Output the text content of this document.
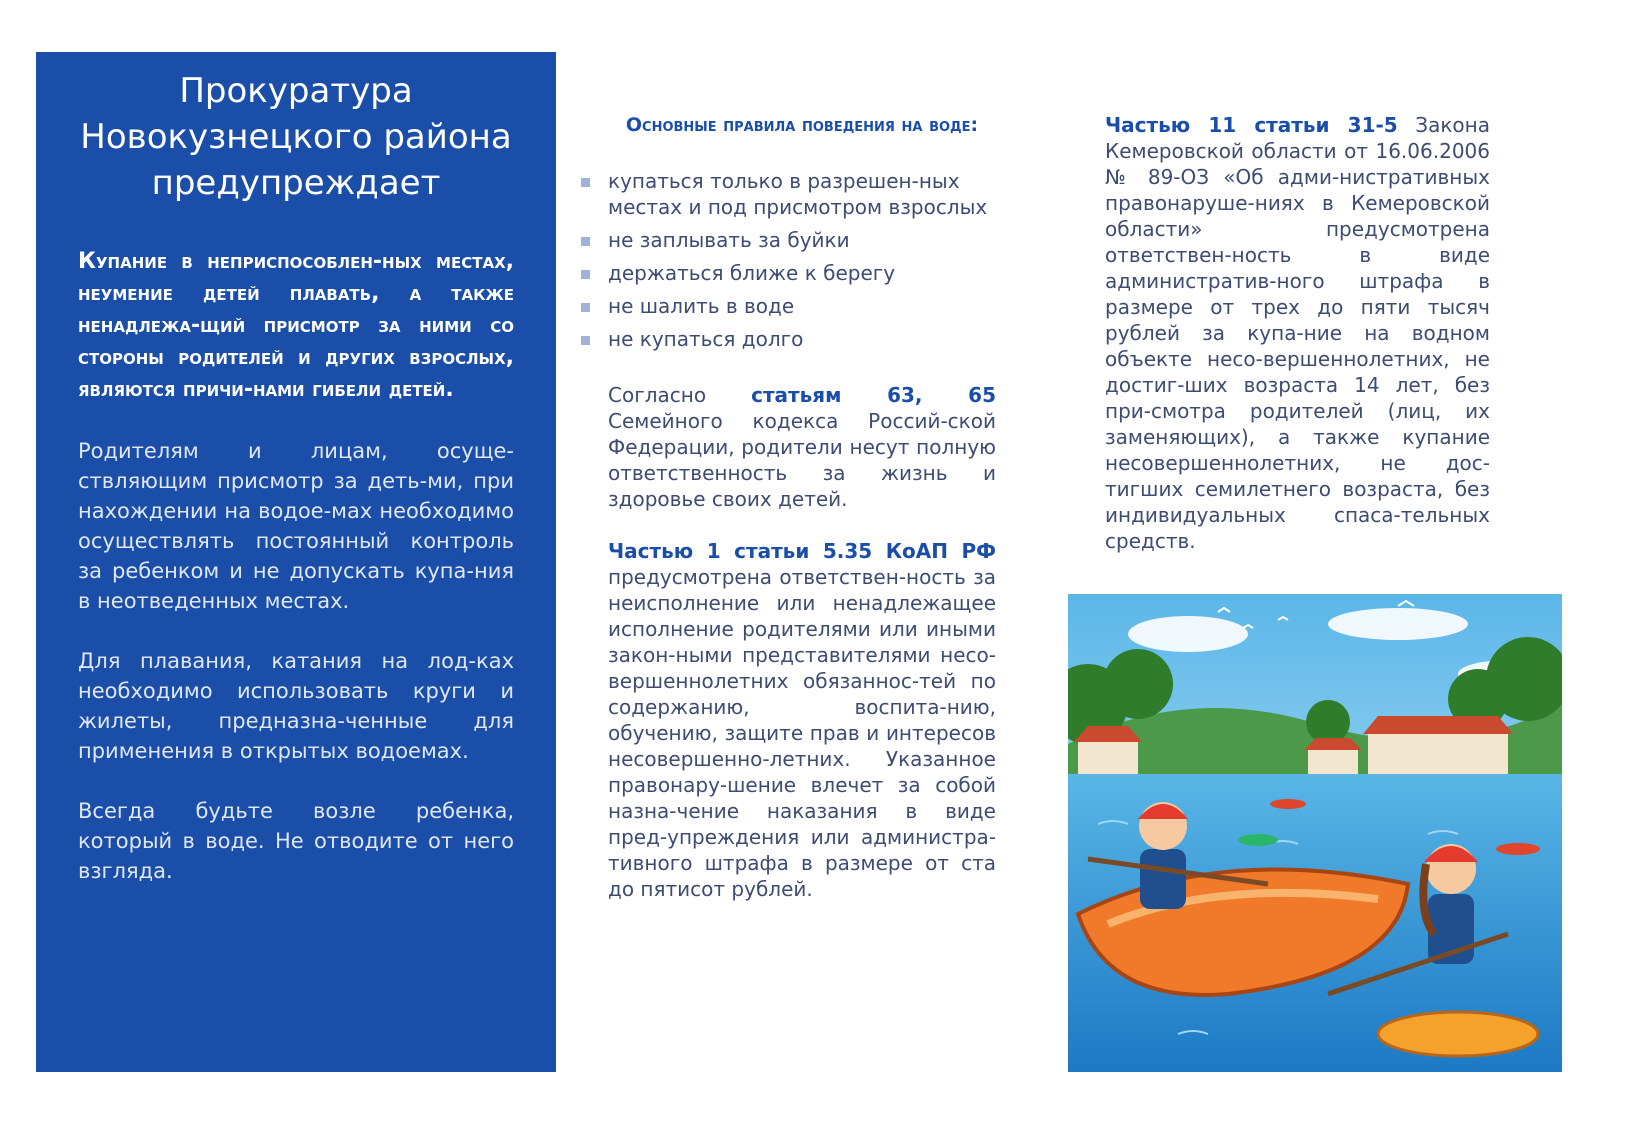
Прокуратура
Новокузнецкого района
предупреждает

Купание в неприспособлен-ных местах, неумение детей плавать, а также ненадлежа-щий присмотр за ними со стороны родителей и других взрослых, являются причи-нами гибели детей.

Родителям и лицам, осуще-ствляющим присмотр за деть-ми, при нахождении на водое-мах необходимо осуществлять постоянный контроль за ребенком и не допускать купа-ния в неотведенных местах.

Для плавания, катания на лод-ках необходимо использовать круги и жилеты, предназна-ченные для применения в открытых водоемах.

Всегда будьте возле ребенка, который в воде. Не отводите от него взгляда.

Основные правила поведения на воде:
купаться только в разрешен-ных местах и под присмотром взрослых
не заплывать за буйки
держаться ближе к берегу
не шалить в воде
не купаться долго

Согласно статьям 63, 65 Семейного кодекса Россий-ской Федерации, родители несут полную ответственность за жизнь и здоровье своих детей.

Частью 1 статьи 5.35 КоАП РФ предусмотрена ответствен-ность за неисполнение или ненадлежащее исполнение родителями или иными закон-ными представителями несо-вершеннолетних обязаннос-тей по содержанию, воспита-нию, обучению, защите прав и интересов несовершенно-летних. Указанное правонару-шение влечет за собой назна-чение наказания в виде пред-упреждения или администра-тивного штрафа в размере от ста до пятисот рублей.

Частью 11 статьи 31-5 Закона Кемеровской области от 16.06.2006 № 89-ОЗ «Об адми-нистративных правонаруше-ниях в Кемеровской области» предусмотрена ответствен-ность в виде административ-ного штрафа в размере от трех до пяти тысяч рублей за купа-ние на водном объекте несо-вершеннолетних, не достиг-ших возраста 14 лет, без при-смотра родителей (лиц, их заменяющих), а также купание несовершеннолетних, не дос-тигших семилетнего возраста, без индивидуальных спаса-тельных средств.
